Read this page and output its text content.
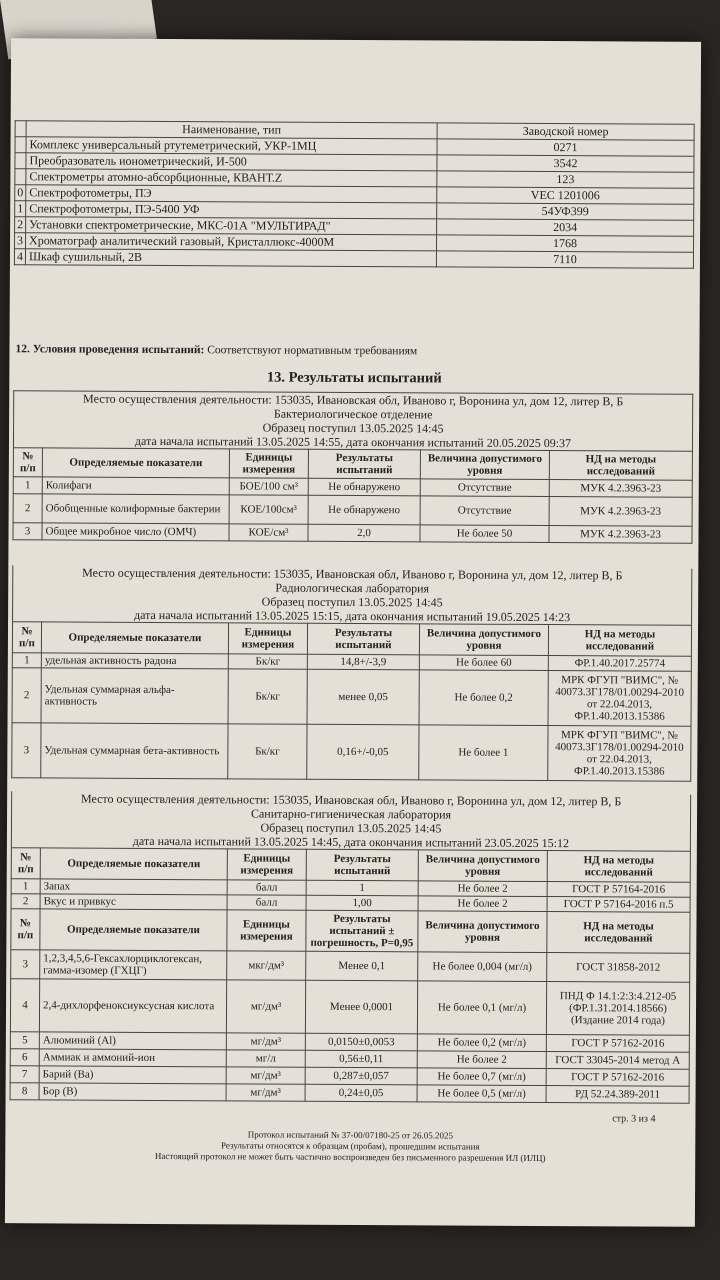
	Наименование, тип	Заводской номер
	Комплекс универсальный ртутеметрический, УКР-1МЦ	0271
	Преобразователь ионометрический, И-500	3542
	Спектрометры атомно-абсорбционные, КВАНТ.Z	123
0	Спектрофотометры, ПЭ	VEC 1201006
1	Спектрофотометры, ПЭ-5400 УФ	54УФ399
2	Установки спектрометрические, МКС-01А "МУЛЬТИРАД"	2034
3	Хроматограф аналитический газовый, Кристаллюкс-4000М	1768
4	Шкаф сушильный, 2В	7110
12. Условия проведения испытаний: Соответствуют нормативным требованиям
13. Результаты испытаний
Место осуществления деятельности: 153035, Ивановская обл, Иваново г, Воронина ул, дом 12, литер В, Б
Бактериологическое отделение
Образец поступил 13.05.2025 14:45
дата начала испытаний 13.05.2025 14:55, дата окончания испытаний 20.05.2025 09:37
№ п/п	Определяемые показатели	Единицы измерения	Результаты испытаний	Величина допустимого уровня	НД на методы исследований
1	Колифаги	БОЕ/100 см³	Не обнаружено	Отсутствие	МУК 4.2.3963-23
2	Обобщенные колиформные бактерии	КОЕ/100см³	Не обнаружено	Отсутствие	МУК 4.2.3963-23
3	Общее микробное число (ОМЧ)	КОЕ/см³	2,0	Не более 50	МУК 4.2.3963-23
Место осуществления деятельности: 153035, Ивановская обл, Иваново г, Воронина ул, дом 12, литер В, Б
Радиологическая лаборатория
Образец поступил 13.05.2025 14:45
дата начала испытаний 13.05.2025 15:15, дата окончания испытаний 19.05.2025 14:23
№ п/п	Определяемые показатели	Единицы измерения	Результаты испытаний	Величина допустимого уровня	НД на методы исследований
1	удельная активность радона	Бк/кг	14,8+/-3,9	Не более 60	ФР.1.40.2017.25774
2	Удельная суммарная альфа-активность	Бк/кг	менее 0,05	Не более 0,2	МРК ФГУП "ВИМС", № 40073.3Г178/01.00294-2010 от 22.04.2013, ФР.1.40.2013.15386
3	Удельная суммарная бета-активность	Бк/кг	0,16+/-0,05	Не более 1	МРК ФГУП "ВИМС", № 40073.3Г178/01.00294-2010 от 22.04.2013, ФР.1.40.2013.15386
Место осуществления деятельности: 153035, Ивановская обл, Иваново г, Воронина ул, дом 12, литер В, Б
Санитарно-гигиеническая лаборатория
Образец поступил 13.05.2025 14:45
дата начала испытаний 13.05.2025 14:45, дата окончания испытаний 23.05.2025 15:12
№ п/п	Определяемые показатели	Единицы измерения	Результаты испытаний	Величина допустимого уровня	НД на методы исследований
1	Запах	балл	1	Не более 2	ГОСТ Р 57164-2016
2	Вкус и привкус	балл	1,00	Не более 2	ГОСТ Р 57164-2016 п.5
№ п/п	Определяемые показатели	Единицы измерения	Результаты испытаний ± погрешность, Р=0,95	Величина допустимого уровня	НД на методы исследований
3	1,2,3,4,5,6-Гексахлорциклогексан, гамма-изомер (ГХЦГ)	мкг/дм³	Менее 0,1	Не более 0,004 (мг/л)	ГОСТ 31858-2012
4	2,4-дихлорфеноксиуксусная кислота	мг/дм³	Менее 0,0001	Не более 0,1 (мг/л)	ПНД Ф 14.1:2:3:4.212-05 (ФР.1.31.2014.18566) (Издание 2014 года)
5	Алюминий (Al)	мг/дм³	0,0150±0,0053	Не более 0,2 (мг/л)	ГОСТ Р 57162-2016
6	Аммиак и аммоний-ион	мг/л	0,56±0,11	Не более 2	ГОСТ 33045-2014 метод А
7	Барий (Ва)	мг/дм³	0,287±0,057	Не более 0,7 (мг/л)	ГОСТ Р 57162-2016
8	Бор (В)	мг/дм³	0,24±0,05	Не более 0,5 (мг/л)	РД 52.24.389-2011
стр. 3 из 4
Протокол испытаний № 37-00/07180-25 от 26.05.2025
Результаты относятся к образцам (пробам), прошедшим испытания
Настоящий протокол не может быть частично воспроизведен без письменного разрешения ИЛ (ИЛЦ)
